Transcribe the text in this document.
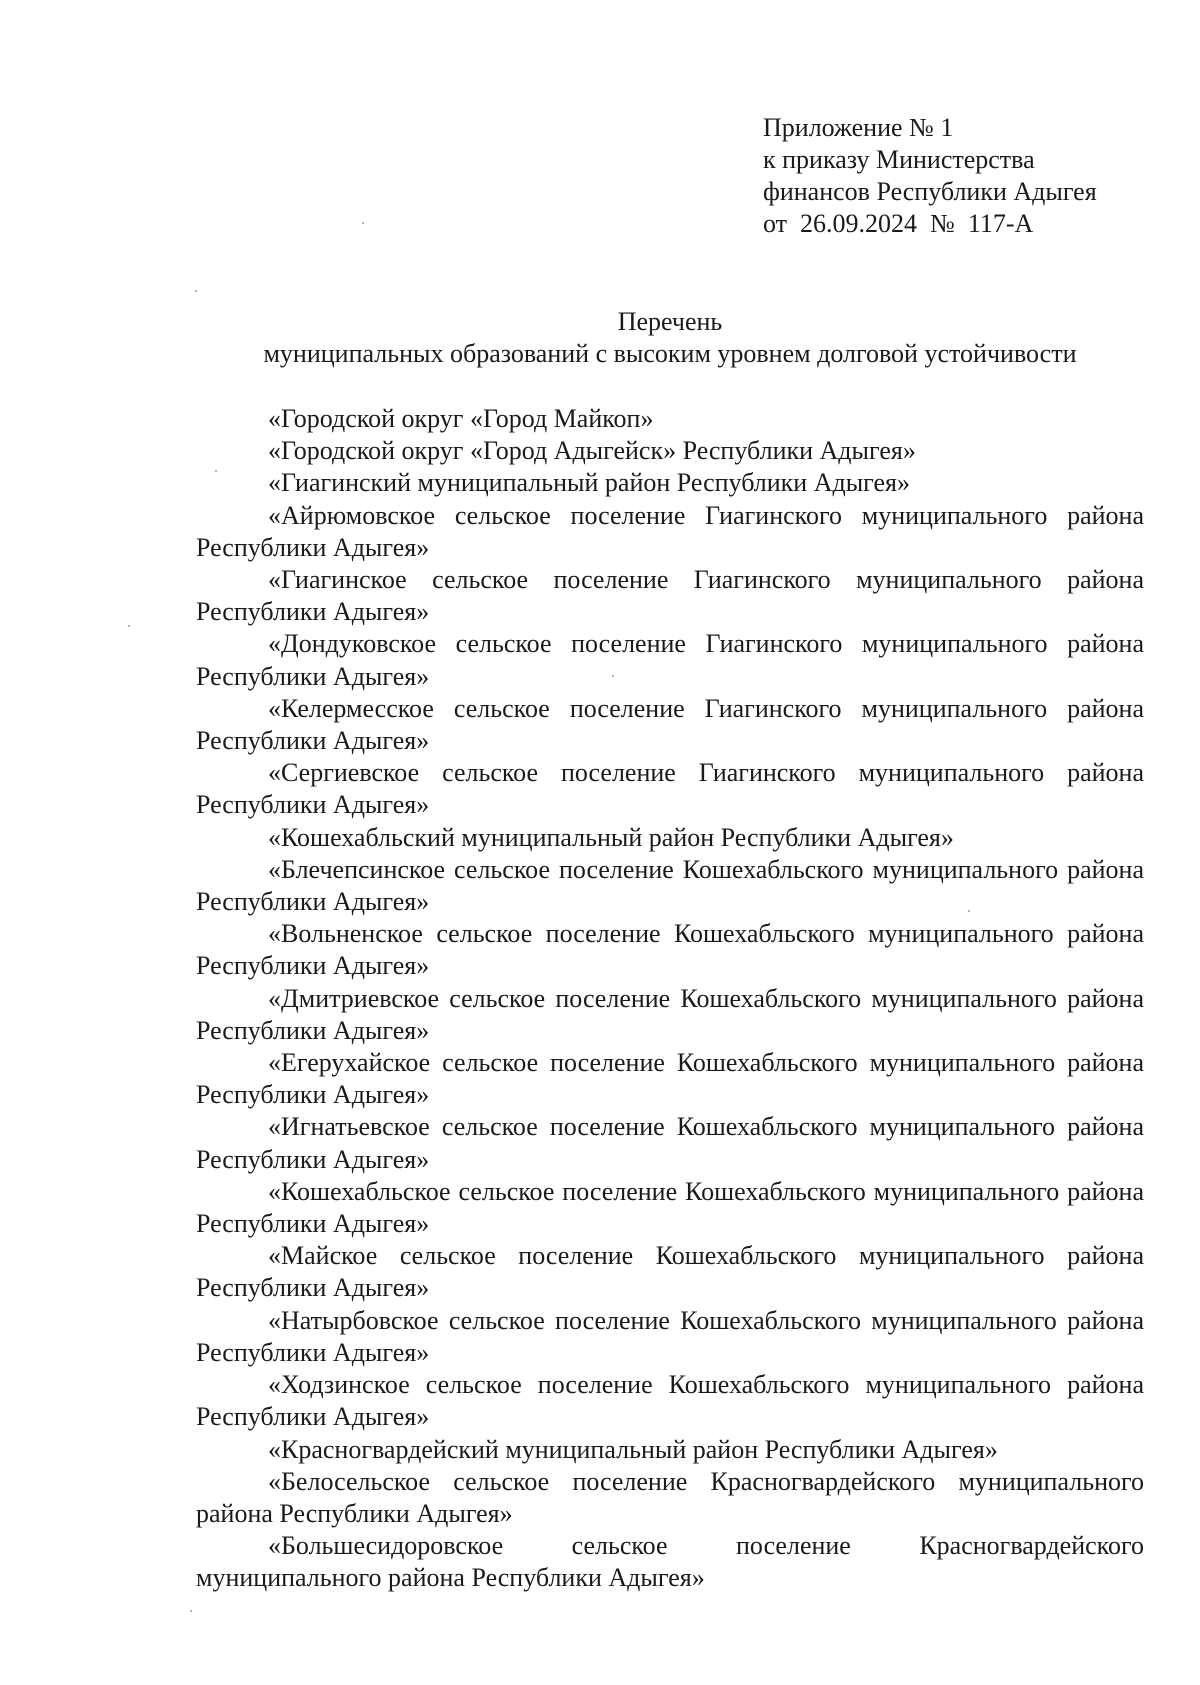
Приложение № 1
к приказу Министерства
финансов Республики Адыгея
от  26.09.2024  №  117-А
Перечень
муниципальных образований с высоким уровнем долговой устойчивости

«Городской округ «Город Майкоп»

«Городской округ «Город Адыгейск» Республики Адыгея»

«Гиагинский муниципальный район Республики Адыгея»

«Айрюмовское сельское поселение Гиагинского муниципального района Республики Адыгея»

«Гиагинское сельское поселение Гиагинского муниципального района Республики Адыгея»

«Дондуковское сельское поселение Гиагинского муниципального района Республики Адыгея»

«Келермесское сельское поселение Гиагинского муниципального района Республики Адыгея»

«Сергиевское сельское поселение Гиагинского муниципального района Республики Адыгея»

«Кошехабльский муниципальный район Республики Адыгея»

«Блечепсинское сельское поселение Кошехабльского муниципального района Республики Адыгея»

«Вольненское сельское поселение Кошехабльского муниципального района Республики Адыгея»

«Дмитриевское сельское поселение Кошехабльского муниципального района Республики Адыгея»

«Егерухайское сельское поселение Кошехабльского муниципального района Республики Адыгея»

«Игнатьевское сельское поселение Кошехабльского муниципального района Республики Адыгея»

«Кошехабльское сельское поселение Кошехабльского муниципального района Республики Адыгея»

«Майское сельское поселение Кошехабльского муниципального района Республики Адыгея»

«Натырбовское сельское поселение Кошехабльского муниципального района Республики Адыгея»

«Ходзинское сельское поселение Кошехабльского муниципального района Республики Адыгея»

«Красногвардейский муниципальный район Республики Адыгея»

«Белосельское сельское поселение Красногвардейского муниципального района Республики Адыгея»

«Большесидоровское сельское поселение Красногвардейского муниципального района Республики Адыгея»
